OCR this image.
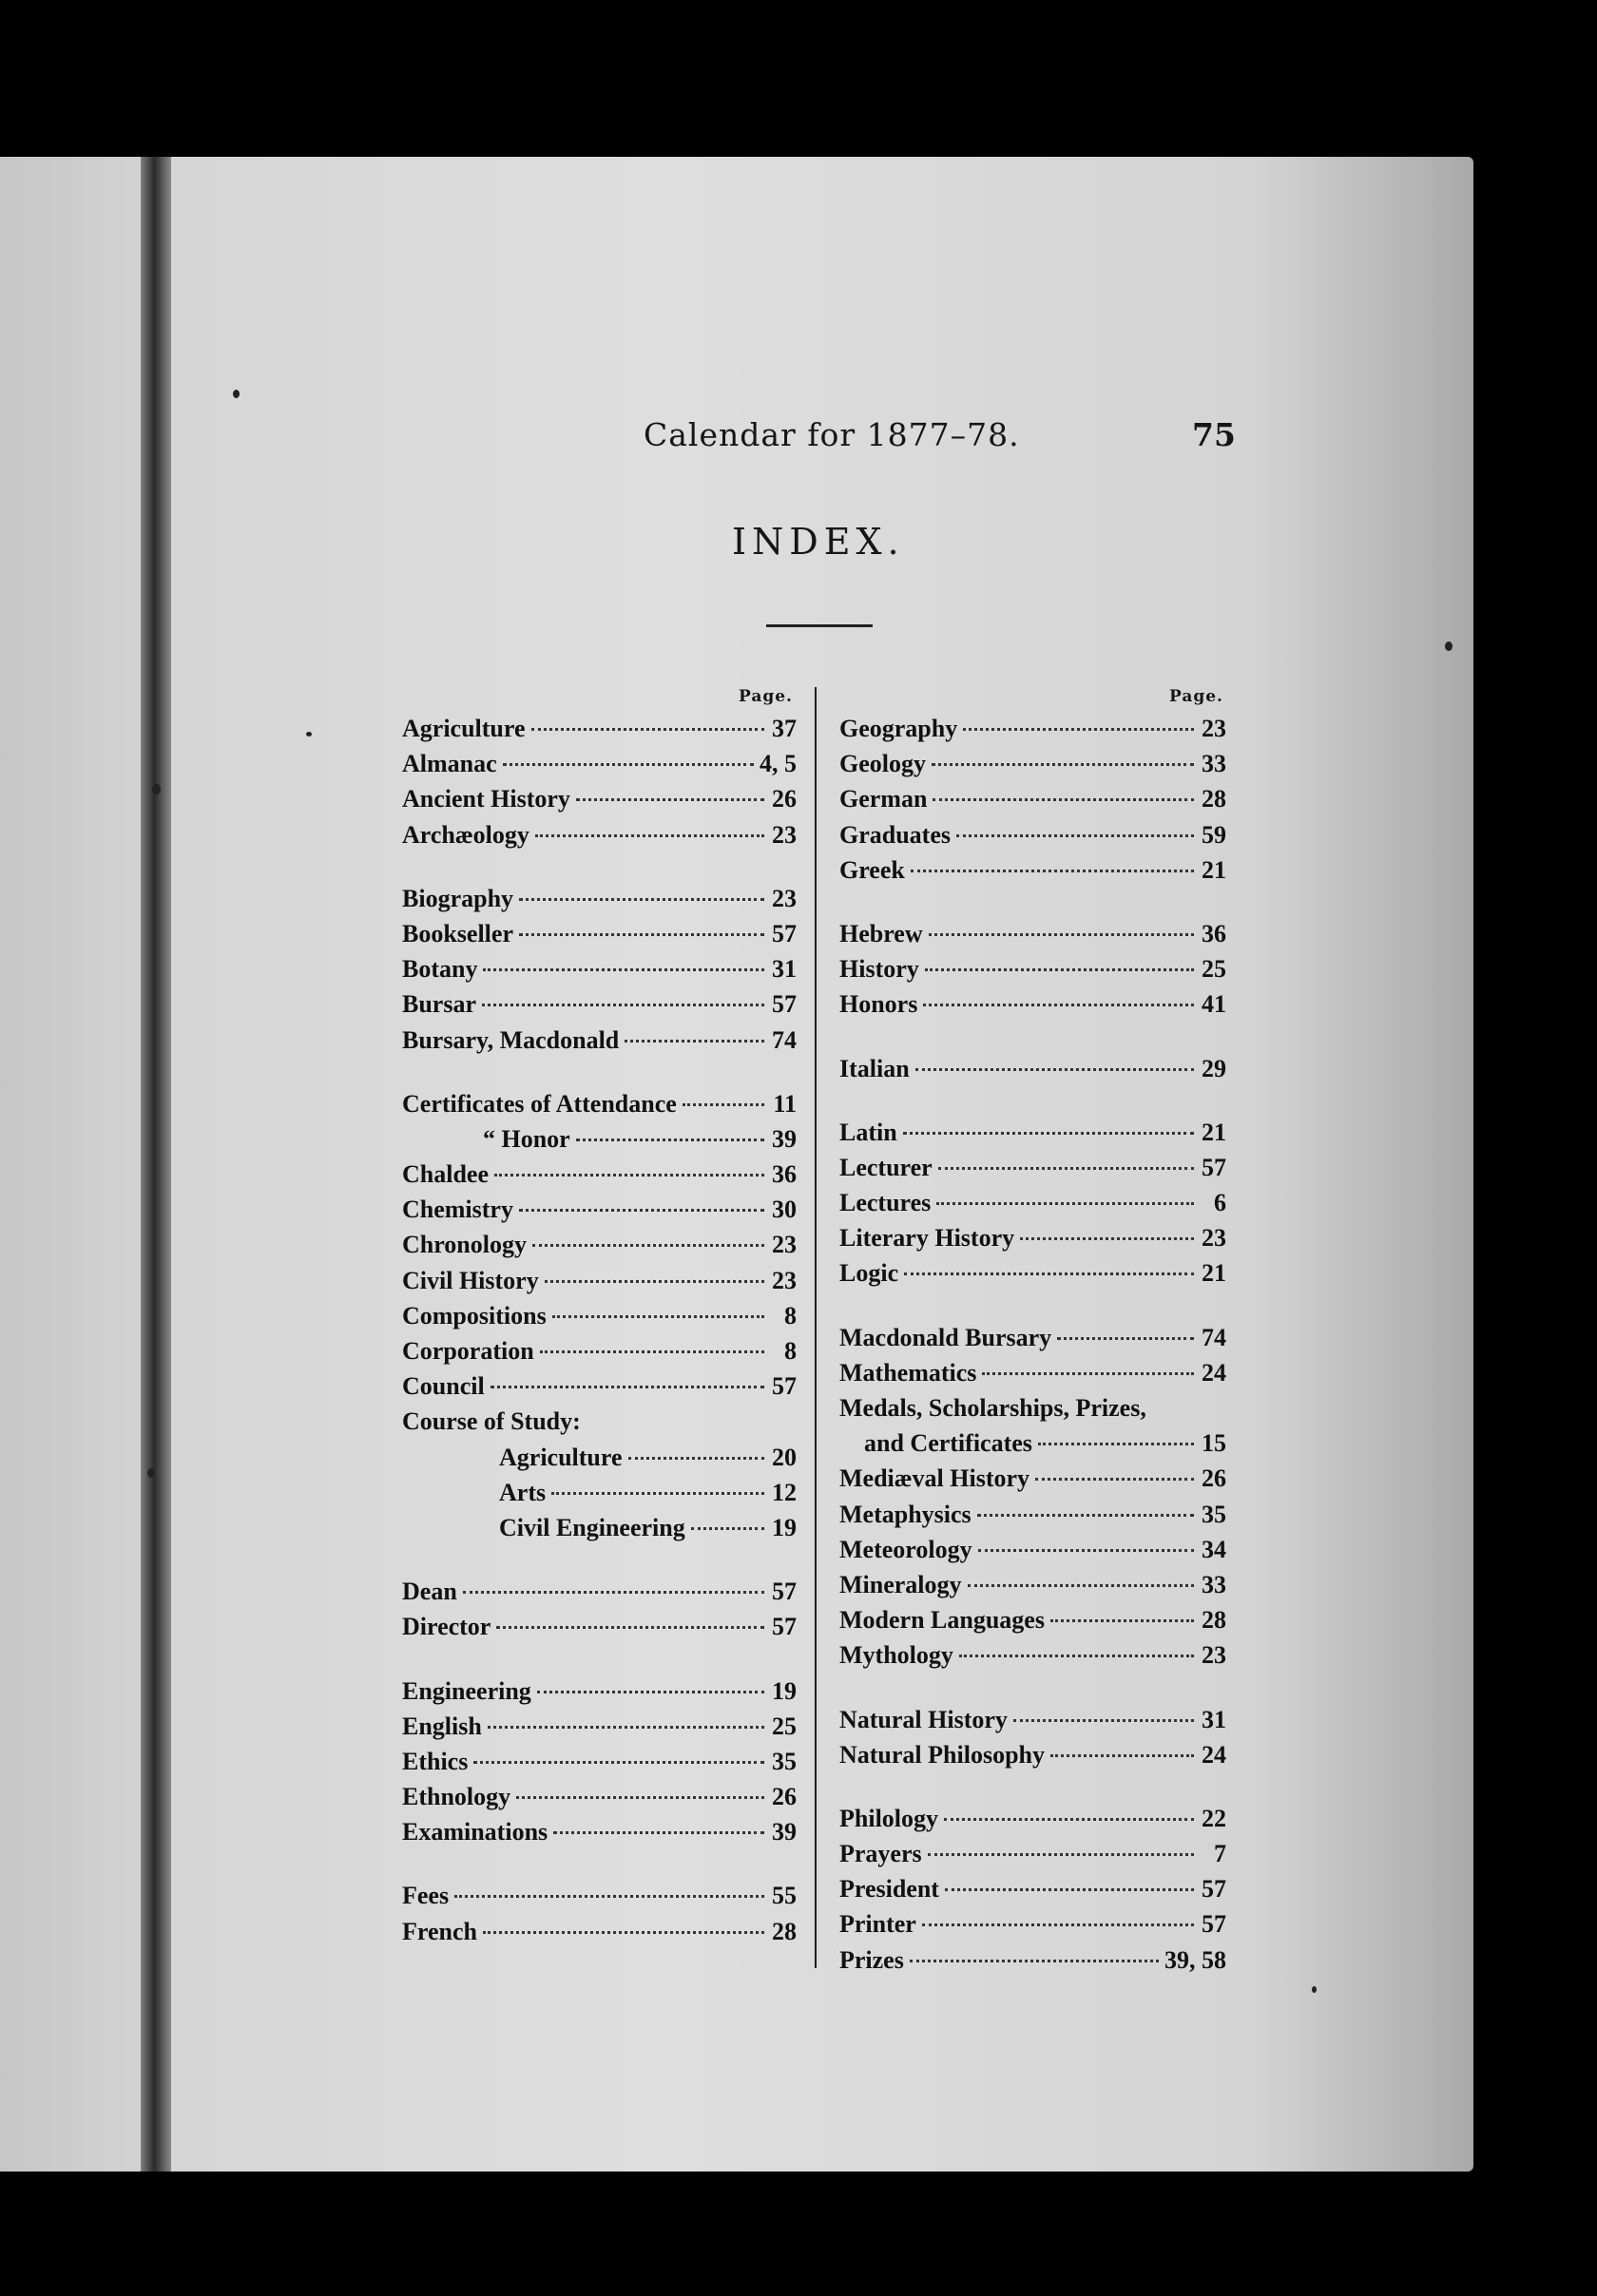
Calendar for 1877–78.	75
INDEX.
Page.	Page.
Agriculture	37
Almanac	4, 5
Ancient History	26
Archæology	23
Biography	23
Bookseller	57
Botany	31
Bursar	57
Bursary, Macdonald	74
Certificates of Attendance	11
“ Honor	39
Chaldee	36
Chemistry	30
Chronology	23
Civil History	23
Compositions	8
Corporation	8
Council	57
Course of Study:
Agriculture	20
Arts	12
Civil Engineering	19
Dean	57
Director	57
Engineering	19
English	25
Ethics	35
Ethnology	26
Examinations	39
Fees	55
French	28
Geography	23
Geology	33
German	28
Graduates	59
Greek	21
Hebrew	36
History	25
Honors	41
Italian	29
Latin	21
Lecturer	57
Lectures	6
Literary History	23
Logic	21
Macdonald Bursary	74
Mathematics	24
Medals, Scholarships, Prizes,
and Certificates	15
Mediæval History	26
Metaphysics	35
Meteorology	34
Mineralogy	33
Modern Languages	28
Mythology	23
Natural History	31
Natural Philosophy	24
Philology	22
Prayers	7
President	57
Printer	57
Prizes	39, 58
